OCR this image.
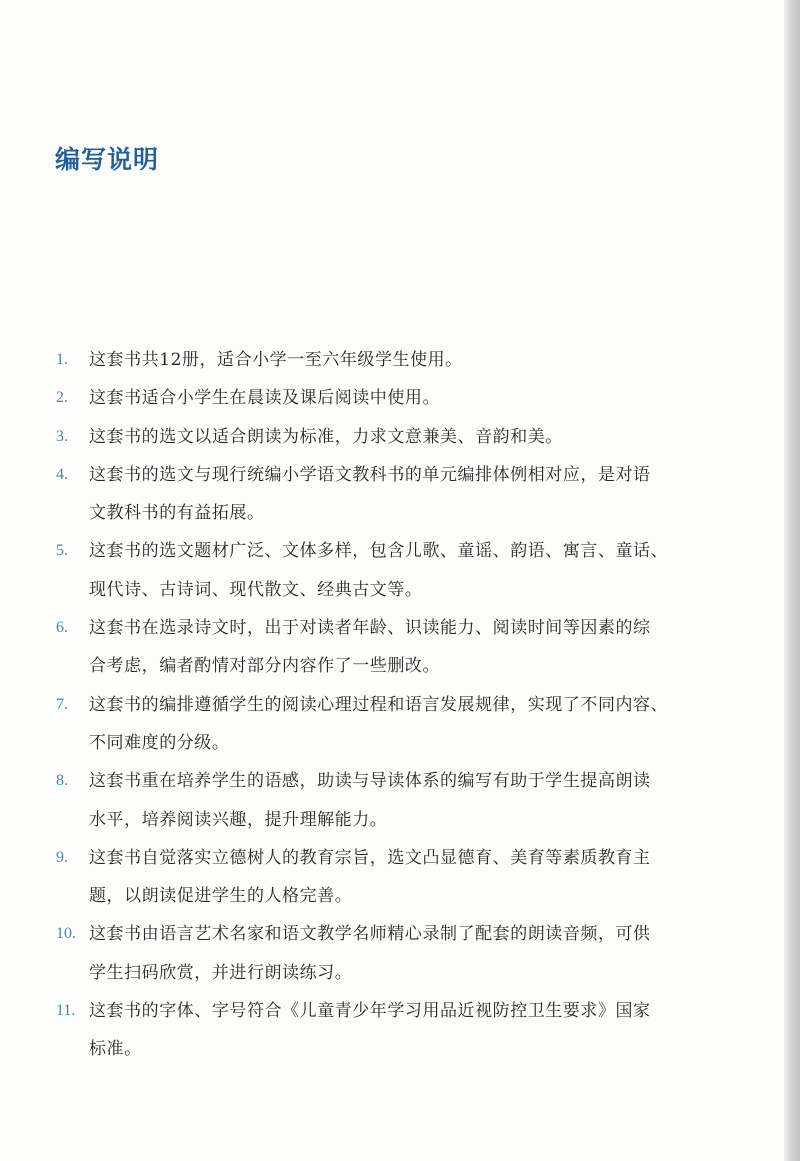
编写说明
1.	这套书共12册，适合小学一至六年级学生使用。
2.	这套书适合小学生在晨读及课后阅读中使用。
3.	这套书的选文以适合朗读为标准，力求文意兼美、音韵和美。
4.	这套书的选文与现行统编小学语文教科书的单元编排体例相对应，是对语
文教科书的有益拓展。
5.	这套书的选文题材广泛、文体多样，包含儿歌、童谣、韵语、寓言、童话、
现代诗、古诗词、现代散文、经典古文等。
6.	这套书在选录诗文时，出于对读者年龄、识读能力、阅读时间等因素的综
合考虑，编者酌情对部分内容作了一些删改。
7.	这套书的编排遵循学生的阅读心理过程和语言发展规律，实现了不同内容、
不同难度的分级。
8.	这套书重在培养学生的语感，助读与导读体系的编写有助于学生提高朗读
水平，培养阅读兴趣，提升理解能力。
9.	这套书自觉落实立德树人的教育宗旨，选文凸显德育、美育等素质教育主
题，以朗读促进学生的人格完善。
10. 这套书由语言艺术名家和语文教学名师精心录制了配套的朗读音频，可供
学生扫码欣赏，并进行朗读练习。
11. 这套书的字体、字号符合《儿童青少年学习用品近视防控卫生要求》国家
标准。
